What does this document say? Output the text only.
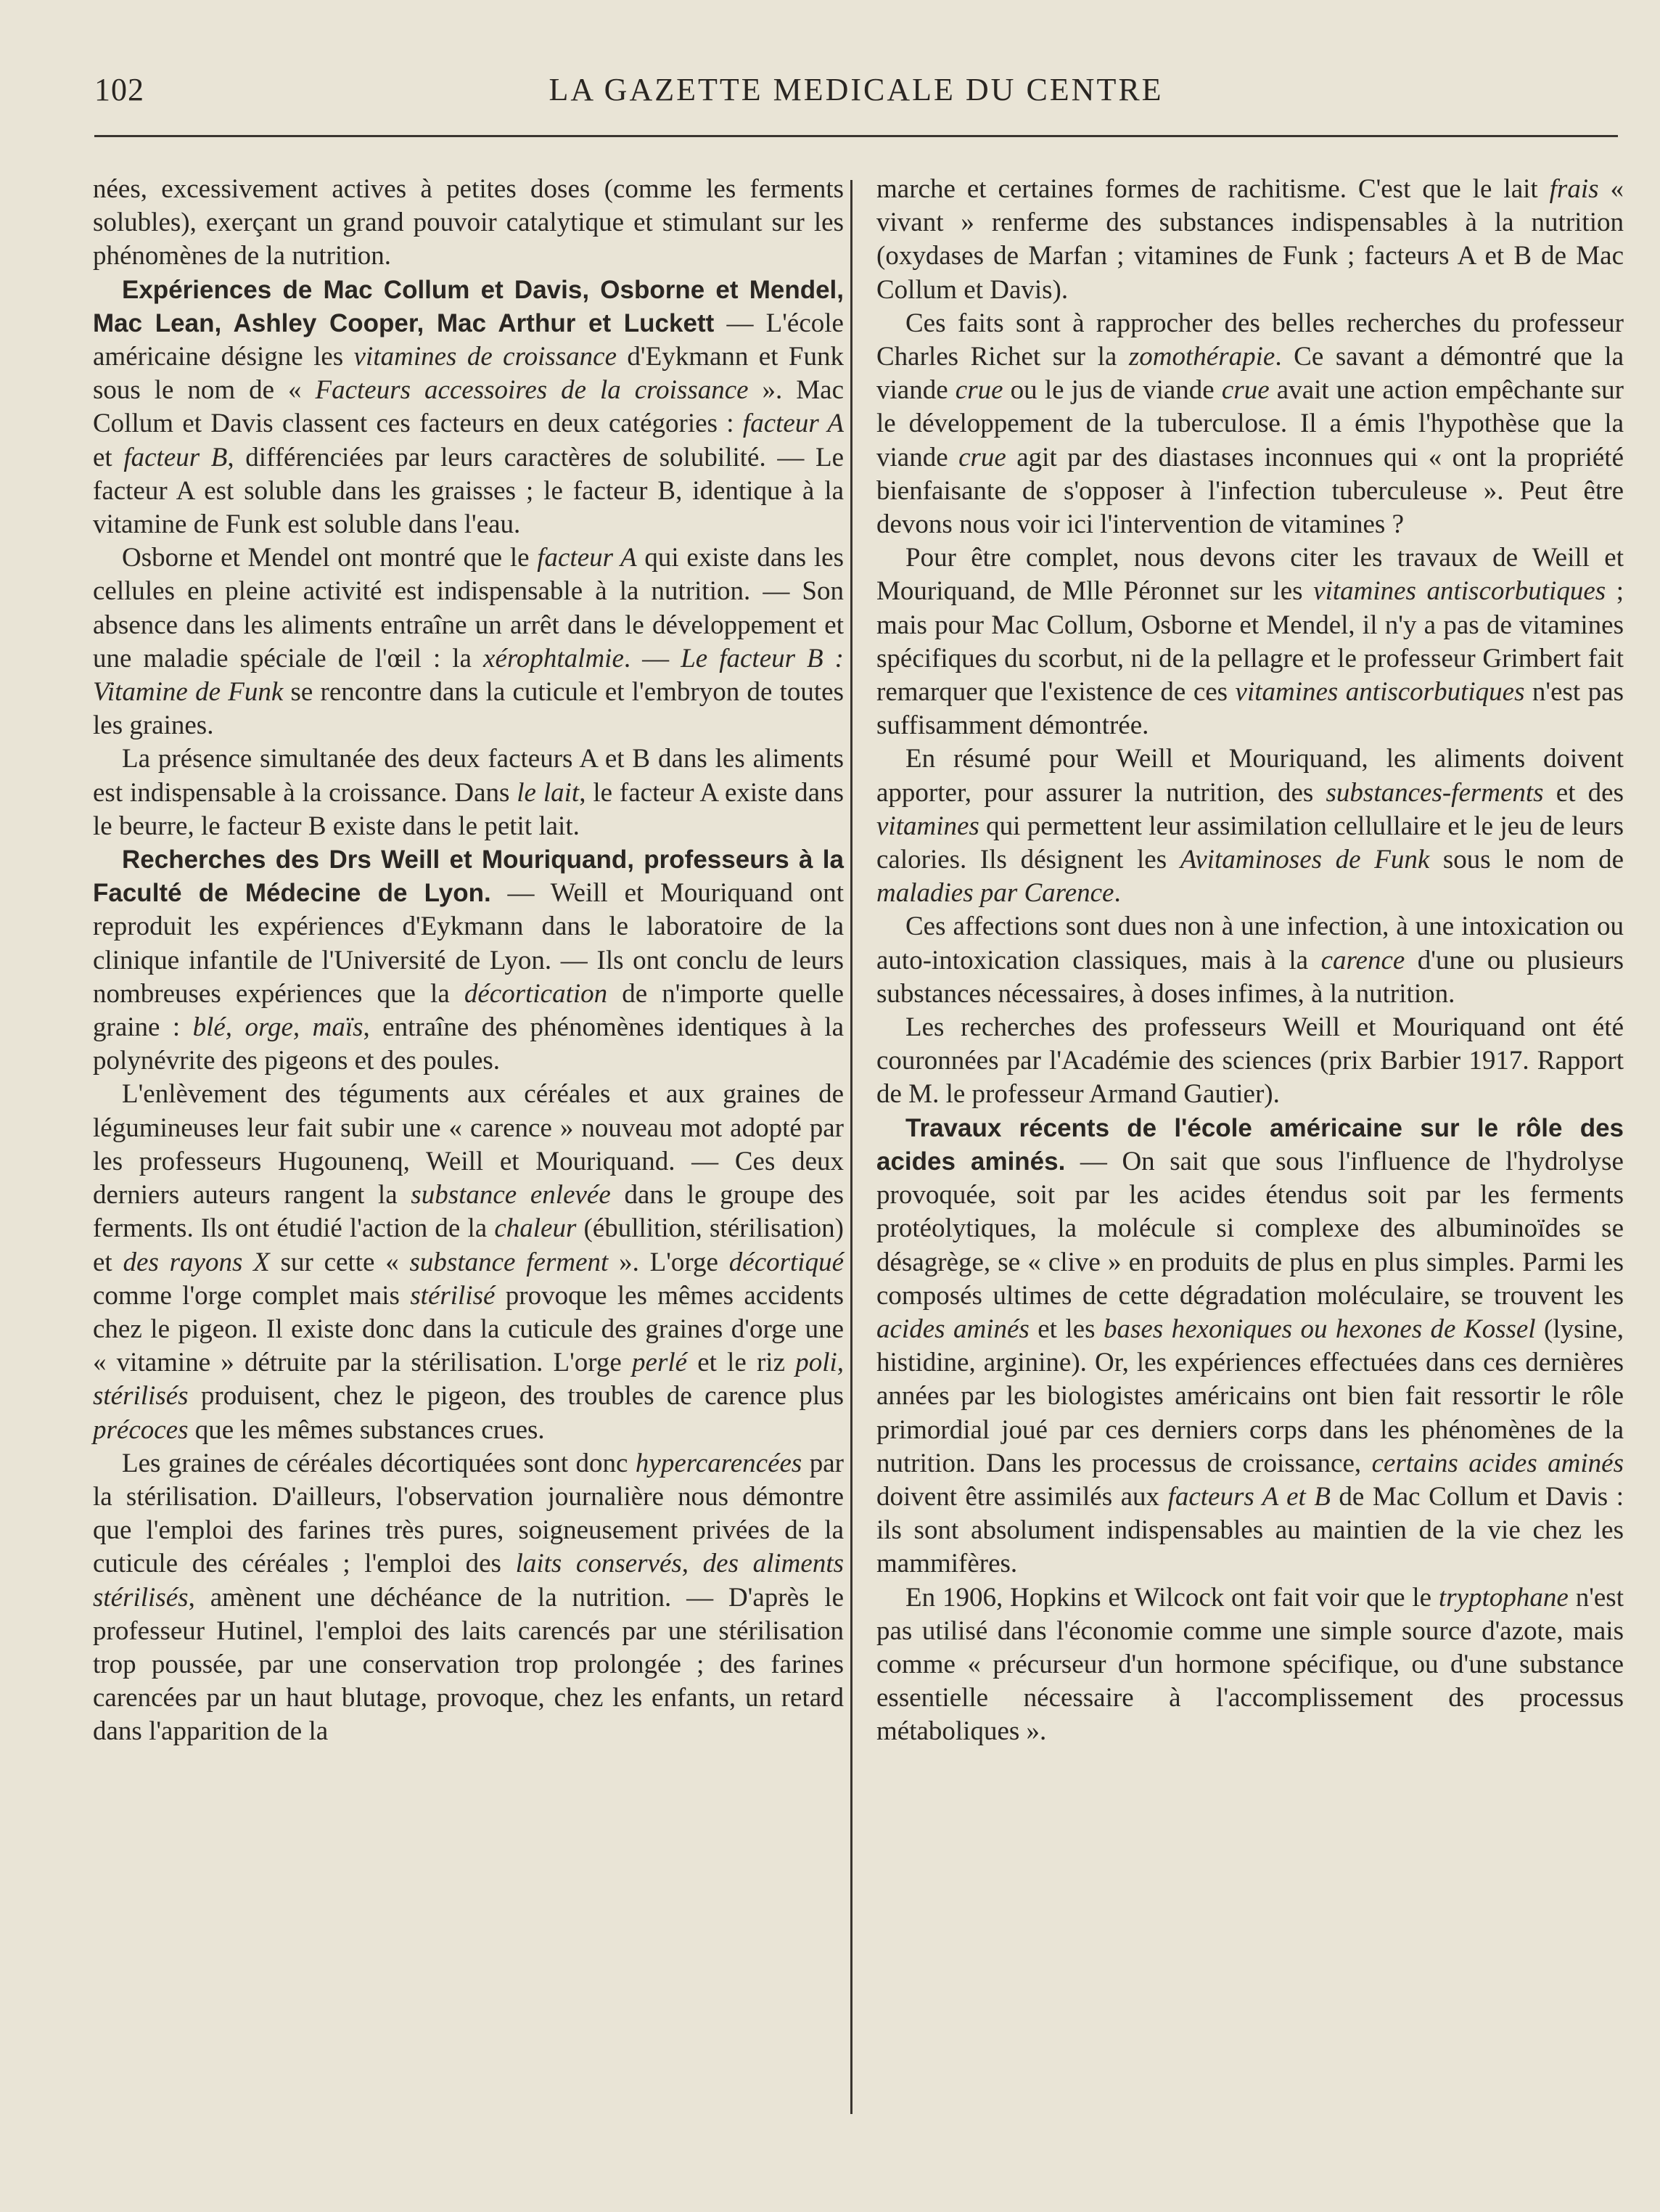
102	LA GAZETTE MEDICALE DU CENTRE

nées, excessivement actives à petites doses (comme les ferments solubles), exerçant un grand pouvoir catalytique et stimulant sur les phénomènes de la nutrition.

Expériences de Mac Collum et Davis, Osborne et Mendel, Mac Lean, Ashley Cooper, Mac Arthur et Luckett — L'école américaine désigne les vitamines de croissance d'Eykmann et Funk sous le nom de « Facteurs accessoires de la croissance ». Mac Collum et Davis classent ces facteurs en deux catégories : facteur A et facteur B, différenciées par leurs caractères de solubilité. — Le facteur A est soluble dans les graisses ; le facteur B, identique à la vitamine de Funk est soluble dans l'eau.

Osborne et Mendel ont montré que le facteur A qui existe dans les cellules en pleine activité est indispensable à la nutrition. — Son absence dans les aliments entraîne un arrêt dans le développement et une maladie spéciale de l'œil : la xérophtalmie. — Le facteur B : Vitamine de Funk se rencontre dans la cuticule et l'embryon de toutes les graines.

La présence simultanée des deux facteurs A et B dans les aliments est indispensable à la croissance. Dans le lait, le facteur A existe dans le beurre, le facteur B existe dans le petit lait.

Recherches des Drs Weill et Mouriquand, professeurs à la Faculté de Médecine de Lyon. — Weill et Mouriquand ont reproduit les expériences d'Eykmann dans le laboratoire de la clinique infantile de l'Université de Lyon. — Ils ont conclu de leurs nombreuses expériences que la décortication de n'importe quelle graine : blé, orge, maïs, entraîne des phénomènes identiques à la polynévrite des pigeons et des poules.

L'enlèvement des téguments aux céréales et aux graines de légumineuses leur fait subir une « carence » nouveau mot adopté par les professeurs Hugounenq, Weill et Mouriquand. — Ces deux derniers auteurs rangent la substance enlevée dans le groupe des ferments. Ils ont étudié l'action de la chaleur (ébullition, stérilisation) et des rayons X sur cette « substance ferment ». L'orge décortiqué comme l'orge complet mais stérilisé provoque les mêmes accidents chez le pigeon. Il existe donc dans la cuticule des graines d'orge une « vitamine » détruite par la stérilisation. L'orge perlé et le riz poli, stérilisés produisent, chez le pigeon, des troubles de carence plus précoces que les mêmes substances crues.

Les graines de céréales décortiquées sont donc hypercarencées par la stérilisation. D'ailleurs, l'observation journalière nous démontre que l'emploi des farines très pures, soigneusement privées de la cuticule des céréales ; l'emploi des laits conservés, des aliments stérilisés, amènent une déchéance de la nutrition. — D'après le professeur Hutinel, l'emploi des laits carencés par une stérilisation trop poussée, par une conservation trop prolongée ; des farines carencées par un haut blutage, provoque, chez les enfants, un retard dans l'apparition de la

marche et certaines formes de rachitisme. C'est que le lait frais « vivant » renferme des substances indispensables à la nutrition (oxydases de Marfan ; vitamines de Funk ; facteurs A et B de Mac Collum et Davis).

Ces faits sont à rapprocher des belles recherches du professeur Charles Richet sur la zomothérapie. Ce savant a démontré que la viande crue ou le jus de viande crue avait une action empêchante sur le développement de la tuberculose. Il a émis l'hypothèse que la viande crue agit par des diastases inconnues qui « ont la propriété bienfaisante de s'opposer à l'infection tuberculeuse ». Peut être devons nous voir ici l'intervention de vitamines ?

Pour être complet, nous devons citer les travaux de Weill et Mouriquand, de Mlle Péronnet sur les vitamines antiscorbutiques ; mais pour Mac Collum, Osborne et Mendel, il n'y a pas de vitamines spécifiques du scorbut, ni de la pellagre et le professeur Grimbert fait remarquer que l'existence de ces vitamines antiscorbutiques n'est pas suffisamment démontrée.

En résumé pour Weill et Mouriquand, les aliments doivent apporter, pour assurer la nutrition, des substances-ferments et des vitamines qui permettent leur assimilation cellullaire et le jeu de leurs calories. Ils désignent les Avitaminoses de Funk sous le nom de maladies par Carence.

Ces affections sont dues non à une infection, à une intoxication ou auto-intoxication classiques, mais à la carence d'une ou plusieurs substances nécessaires, à doses infimes, à la nutrition.

Les recherches des professeurs Weill et Mouriquand ont été couronnées par l'Académie des sciences (prix Barbier 1917. Rapport de M. le professeur Armand Gautier).

Travaux récents de l'école américaine sur le rôle des acides aminés. — On sait que sous l'influence de l'hydrolyse provoquée, soit par les acides étendus soit par les ferments protéolytiques, la molécule si complexe des albuminoïdes se désagrège, se « clive » en produits de plus en plus simples. Parmi les composés ultimes de cette dégradation moléculaire, se trouvent les acides aminés et les bases hexoniques ou hexones de Kossel (lysine, histidine, arginine). Or, les expériences effectuées dans ces dernières années par les biologistes américains ont bien fait ressortir le rôle primordial joué par ces derniers corps dans les phénomènes de la nutrition. Dans les processus de croissance, certains acides aminés doivent être assimilés aux facteurs A et B de Mac Collum et Davis : ils sont absolument indispensables au maintien de la vie chez les mammifères.

En 1906, Hopkins et Wilcock ont fait voir que le tryptophane n'est pas utilisé dans l'économie comme une simple source d'azote, mais comme « précurseur d'un hormone spécifique, ou d'une substance essentielle nécessaire à l'accomplissement des processus métaboliques ».
